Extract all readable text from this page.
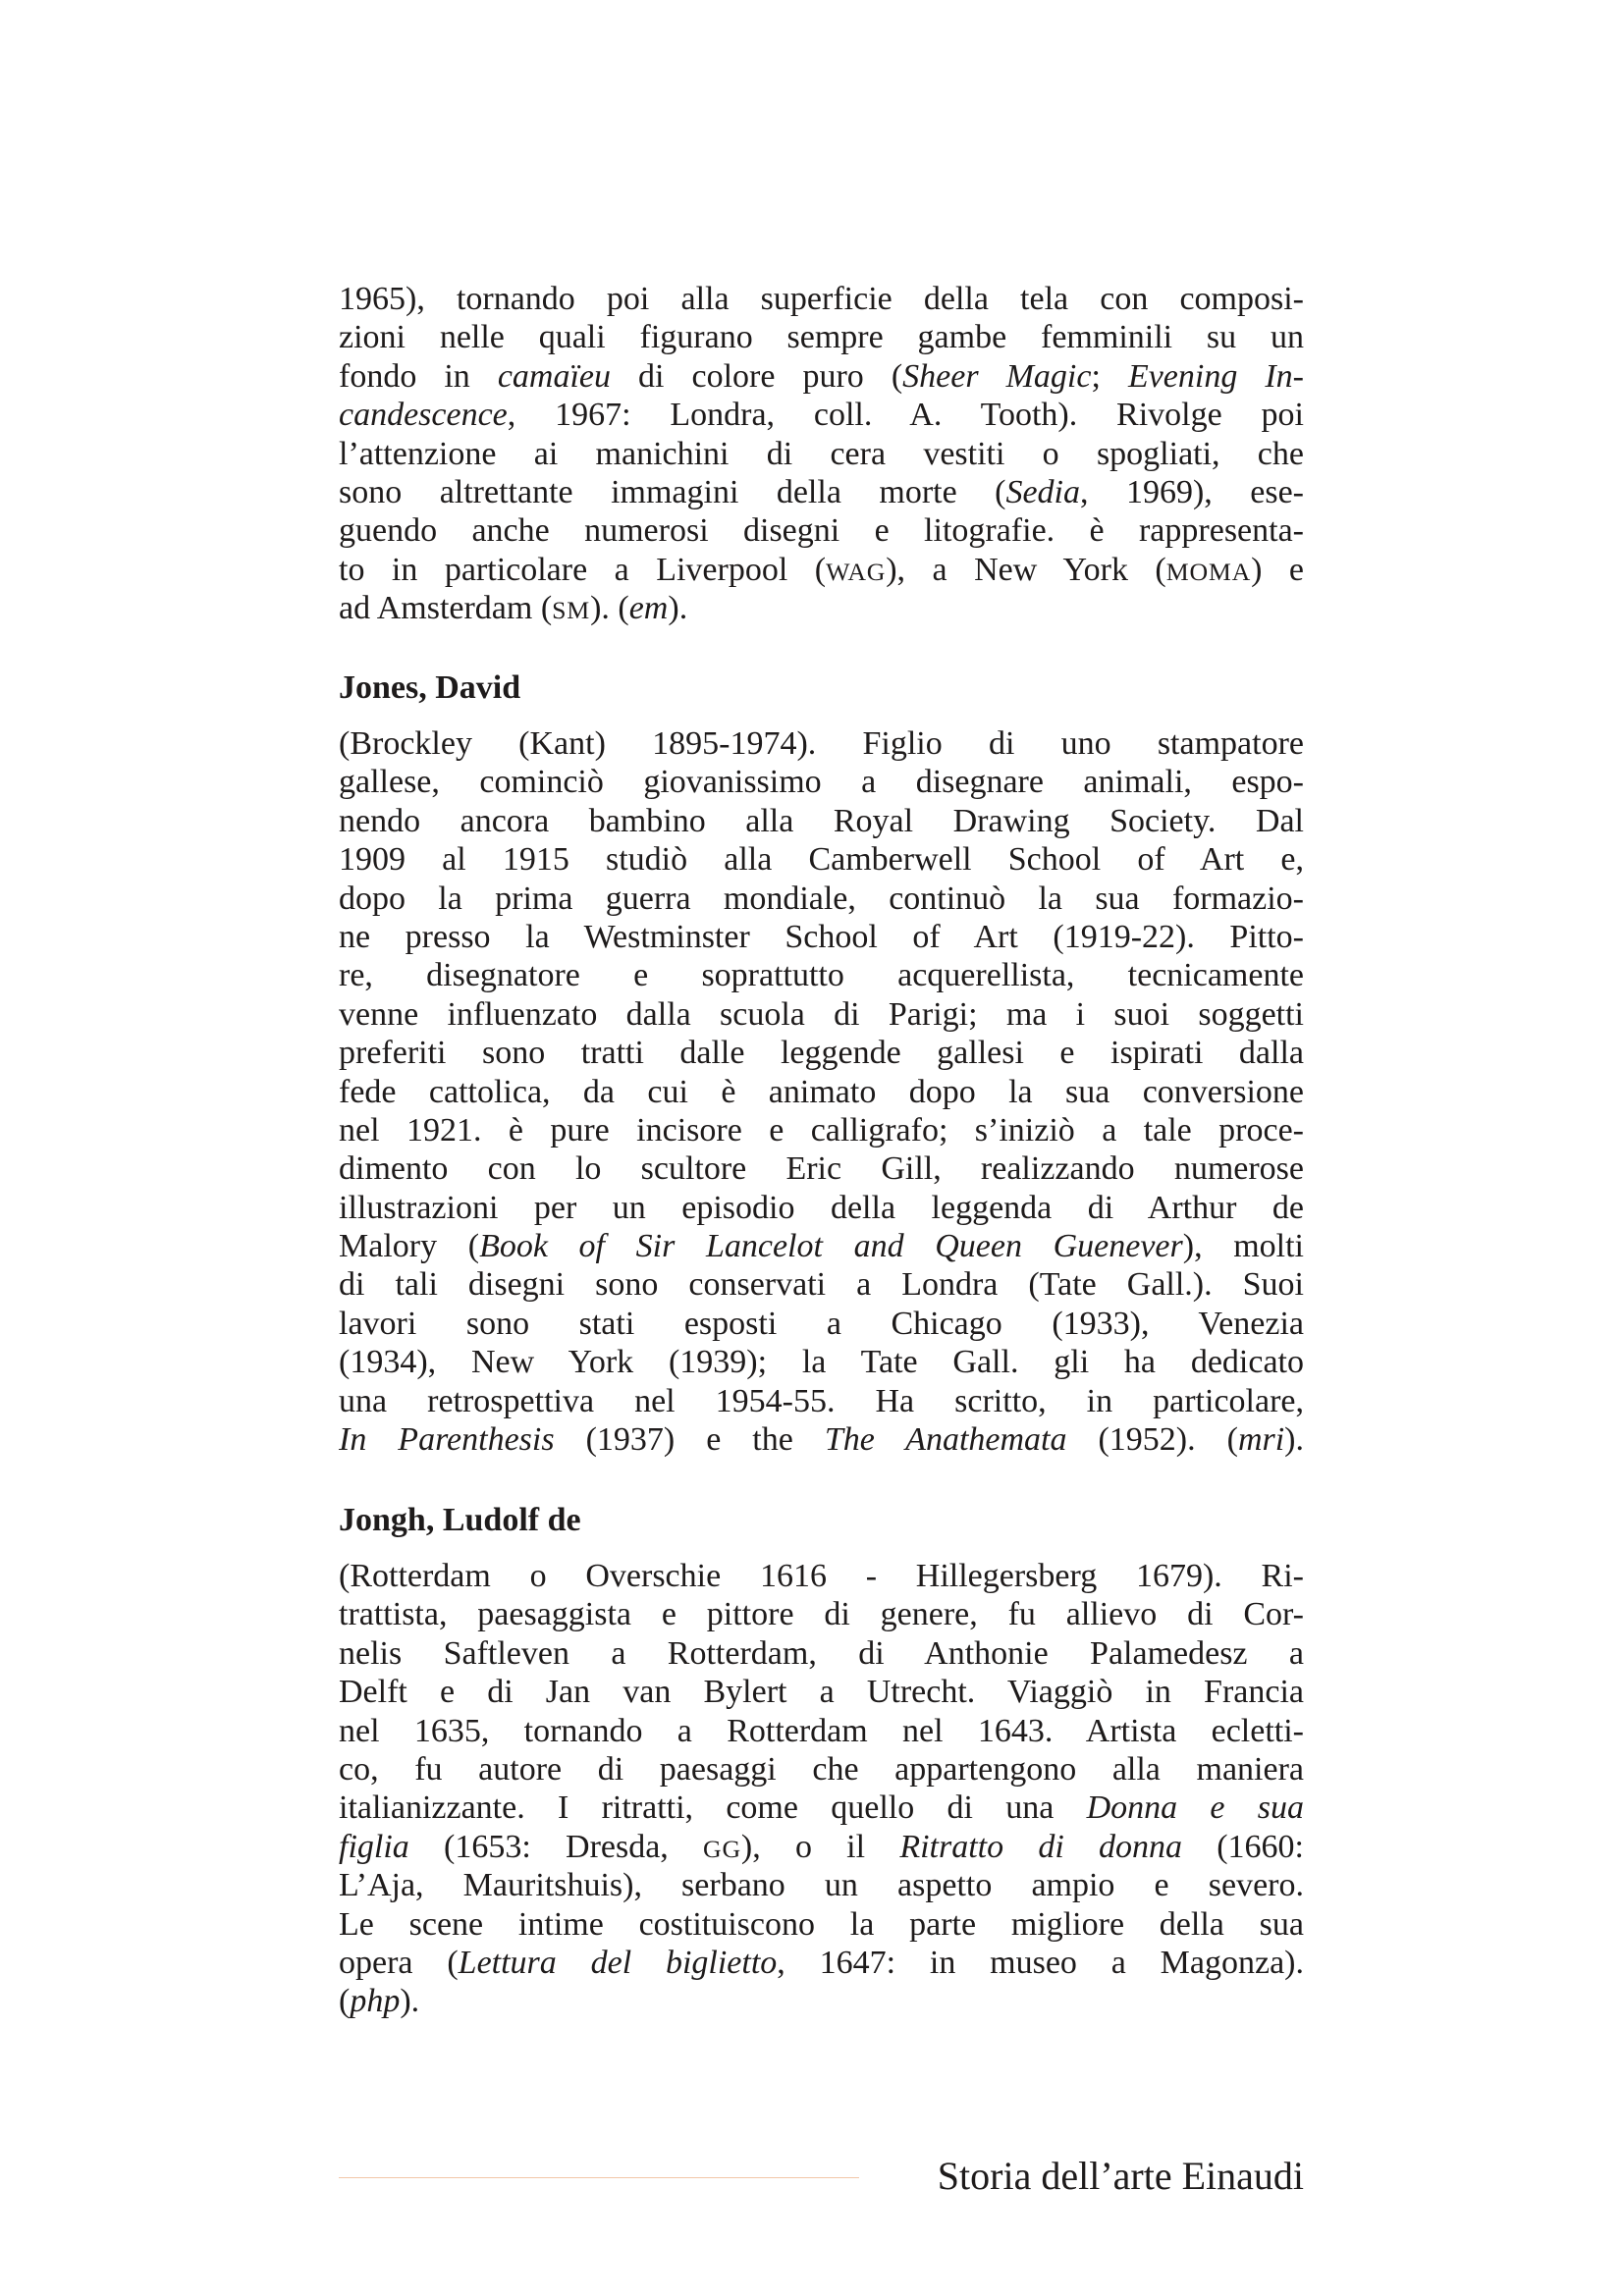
1965), tornando poi alla superficie della tela con composi-
zioni nelle quali figurano sempre gambe femminili su un
fondo in camaïeu di colore puro (Sheer Magic; Evening In-
candescence, 1967: Londra, coll. A. Tooth). Rivolge poi
l’attenzione ai manichini di cera vestiti o spogliati, che
sono altrettante immagini della morte (Sedia, 1969), ese-
guendo anche numerosi disegni e litografie. è rappresenta-
to in particolare a Liverpool (WAG), a New York (MOMA) e
ad Amsterdam (SM). (em).
Jones, David
(Brockley (Kant) 1895-1974). Figlio di uno stampatore
gallese, cominciò giovanissimo a disegnare animali, espo-
nendo ancora bambino alla Royal Drawing Society. Dal
1909 al 1915 studiò alla Camberwell School of Art e,
dopo la prima guerra mondiale, continuò la sua formazio-
ne presso la Westminster School of Art (1919-22). Pitto-
re, disegnatore e soprattutto acquerellista, tecnicamente
venne influenzato dalla scuola di Parigi; ma i suoi soggetti
preferiti sono tratti dalle leggende gallesi e ispirati dalla
fede cattolica, da cui è animato dopo la sua conversione
nel 1921. è pure incisore e calligrafo; s’iniziò a tale proce-
dimento con lo scultore Eric Gill, realizzando numerose
illustrazioni per un episodio della leggenda di Arthur de
Malory (Book of Sir Lancelot and Queen Guenever), molti
di tali disegni sono conservati a Londra (Tate Gall.). Suoi
lavori sono stati esposti a Chicago (1933), Venezia
(1934), New York (1939); la Tate Gall. gli ha dedicato
una retrospettiva nel 1954-55. Ha scritto, in particolare,
In Parenthesis (1937) e the The Anathemata (1952). (mri).
Jongh, Ludolf de
(Rotterdam o Overschie 1616 - Hillegersberg 1679). Ri-
trattista, paesaggista e pittore di genere, fu allievo di Cor-
nelis Saftleven a Rotterdam, di Anthonie Palamedesz a
Delft e di Jan van Bylert a Utrecht. Viaggiò in Francia
nel 1635, tornando a Rotterdam nel 1643. Artista ecletti-
co, fu autore di paesaggi che appartengono alla maniera
italianizzante. I ritratti, come quello di una Donna e sua
figlia (1653: Dresda, GG), o il Ritratto di donna (1660:
L’Aja, Mauritshuis), serbano un aspetto ampio e severo.
Le scene intime costituiscono la parte migliore della sua
opera (Lettura del biglietto, 1647: in museo a Magonza).
(php).
Storia dell’arte Einaudi
